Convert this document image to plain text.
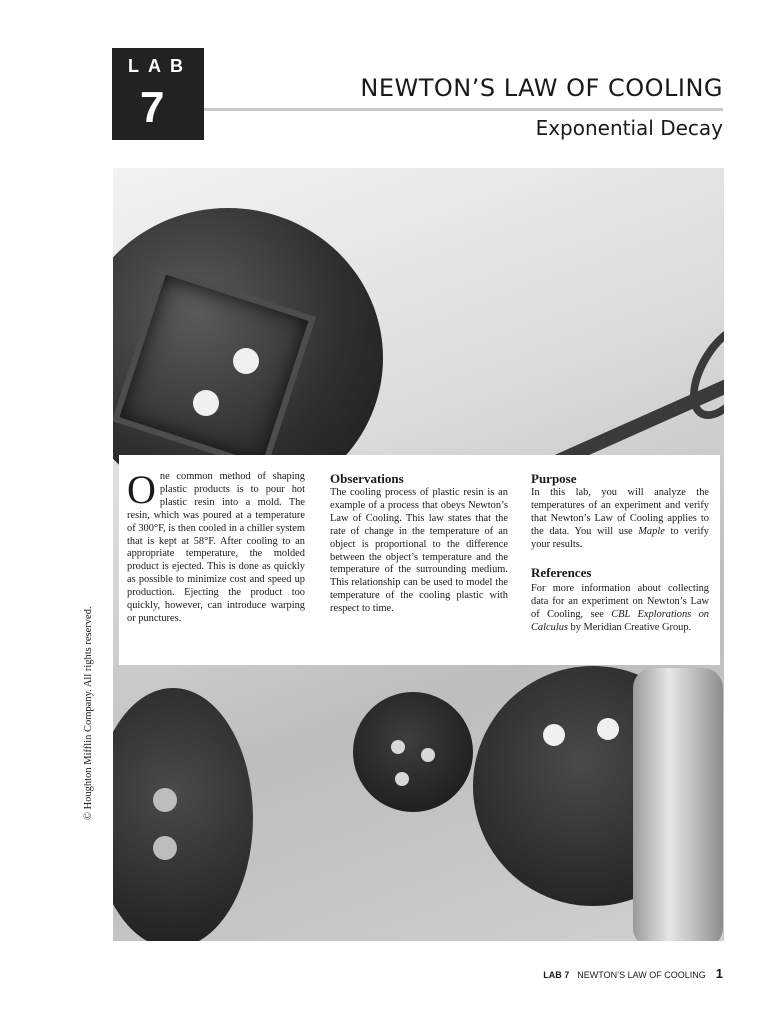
LAB
7	NEWTON’S LAW OF COOLING
Exponential Decay
One common method of shaping plastic products is to pour hot plastic resin into a mold. The resin, which was poured at a temperature of 300°F, is then cooled in a chiller system that is kept at 58°F. After cooling to an appropriate temperature, the molded product is ejected. This is done as quickly as possible to minimize cost and speed up production. Ejecting the product too quickly, however, can introduce warping or punctures.
Observations
The cooling process of plastic resin is an example of a process that obeys Newton’s Law of Cooling. This law states that the rate of change in the temperature of an object is proportional to the difference between the object’s temperature and the temperature of the surrounding medium. This relationship can be used to model the temperature of the cooling plastic with respect to time.
Purpose
In this lab, you will analyze the temperatures of an experiment and verify that Newton’s Law of Cooling applies to the data. You will use Maple to verify your results.
References
For more information about collecting data for an experiment on Newton’s Law of Cooling, see CBL Explorations on Calculus by Meridian Creative Group.
© Houghton Mifflin Company. All rights reserved.
LAB 7 NEWTON’S LAW OF COOLING 1
